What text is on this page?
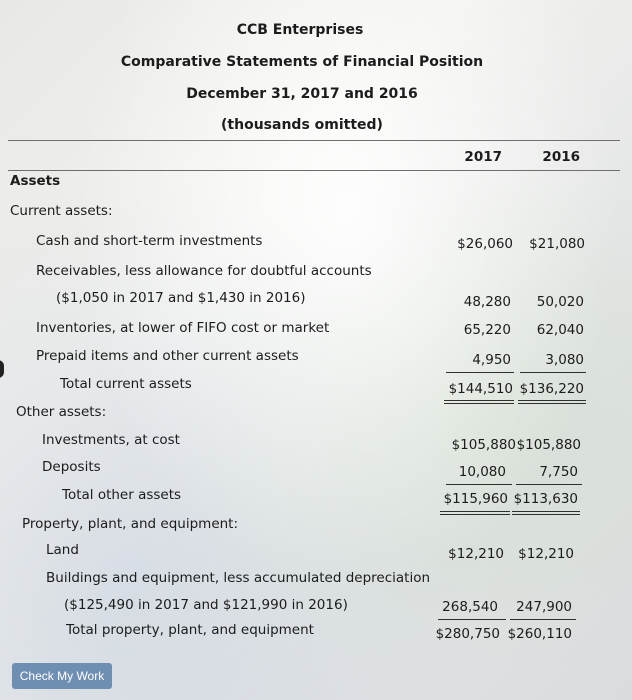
CCB Enterprises
Comparative Statements of Financial Position
December 31, 2017 and 2016
(thousands omitted)
2017	2016
Assets
Current assets:
Cash and short-term investments	$26,060	$21,080
Receivables, less allowance for doubtful accounts
($1,050 in 2017 and $1,430 in 2016)	48,280	50,020
Inventories, at lower of FIFO cost or market	65,220	62,040
Prepaid items and other current assets	4,950	3,080
Total current assets	$144,510 $136,220
Other assets:
Investments, at cost	$105,880 $105,880
Deposits	10,080	7,750
Total other assets	$115,960 $113,630
Property, plant, and equipment:
Land	$12,210	$12,210
Buildings and equipment, less accumulated depreciation
($125,490 in 2017 and $121,990 in 2016)	268,540	247,900
Total property, plant, and equipment	$280,750 $260,110
Check My Work
